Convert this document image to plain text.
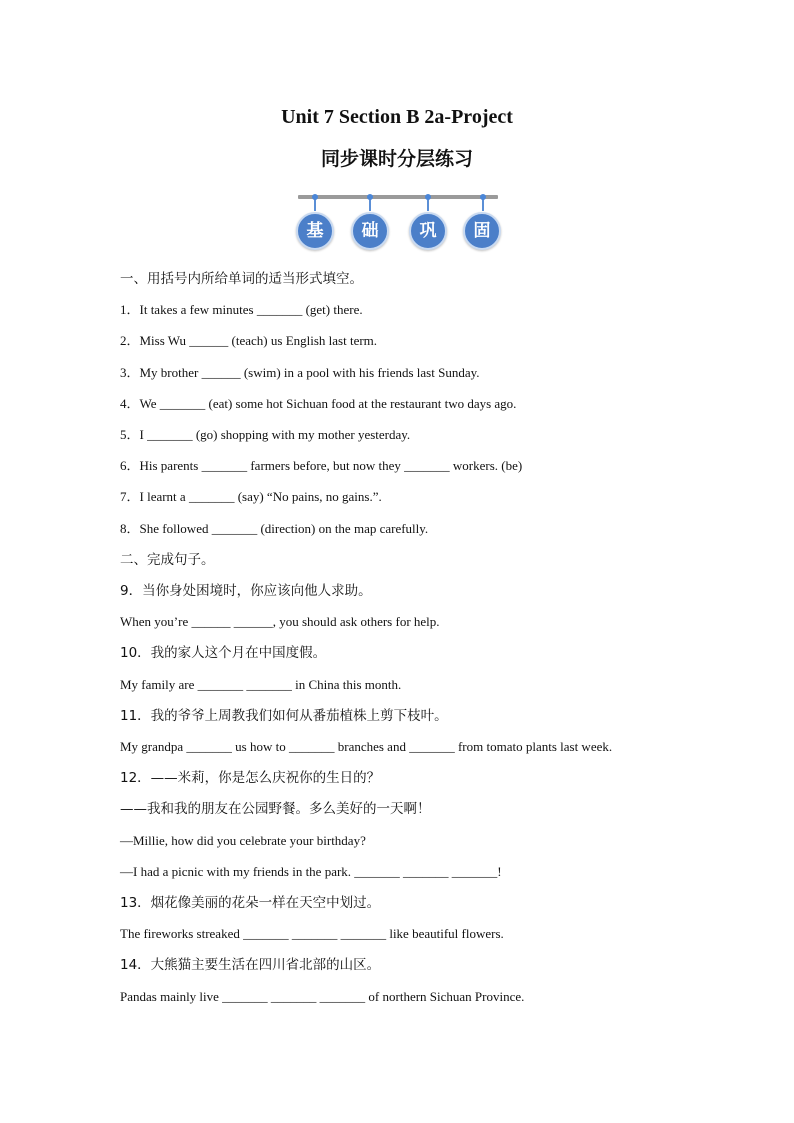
Unit 7 Section B 2a-Project
同步课时分层练习
基	础	巩	固
一、用括号内所给单词的适当形式填空。
1．It takes a few minutes _______ (get) there.
2．Miss Wu ______ (teach) us English last term.
3．My brother ______ (swim) in a pool with his friends last Sunday.
4．We _______ (eat) some hot Sichuan food at the restaurant two days ago.
5．I _______ (go) shopping with my mother yesterday.
6．His parents _______ farmers before, but now they _______ workers. (be)
7．I learnt a _______ (say) “No pains, no gains.”.
8．She followed _______ (direction) on the map carefully.
二、完成句子。
9．当你身处困境时，你应该向他人求助。
When you’re ______ ______, you should ask others for help.
10．我的家人这个月在中国度假。
My family are _______ _______ in China this month.
11．我的爷爷上周教我们如何从番茄植株上剪下枝叶。
My grandpa _______ us how to _______ branches and _______ from tomato plants last week.
12．——米莉，你是怎么庆祝你的生日的？
——我和我的朋友在公园野餐。多么美好的一天啊！
—Millie, how did you celebrate your birthday?
—I had a picnic with my friends in the park. _______ _______ _______!
13．烟花像美丽的花朵一样在天空中划过。
The fireworks streaked _______ _______ _______ like beautiful flowers.
14．大熊猫主要生活在四川省北部的山区。
Pandas mainly live _______ _______ _______ of northern Sichuan Province.
